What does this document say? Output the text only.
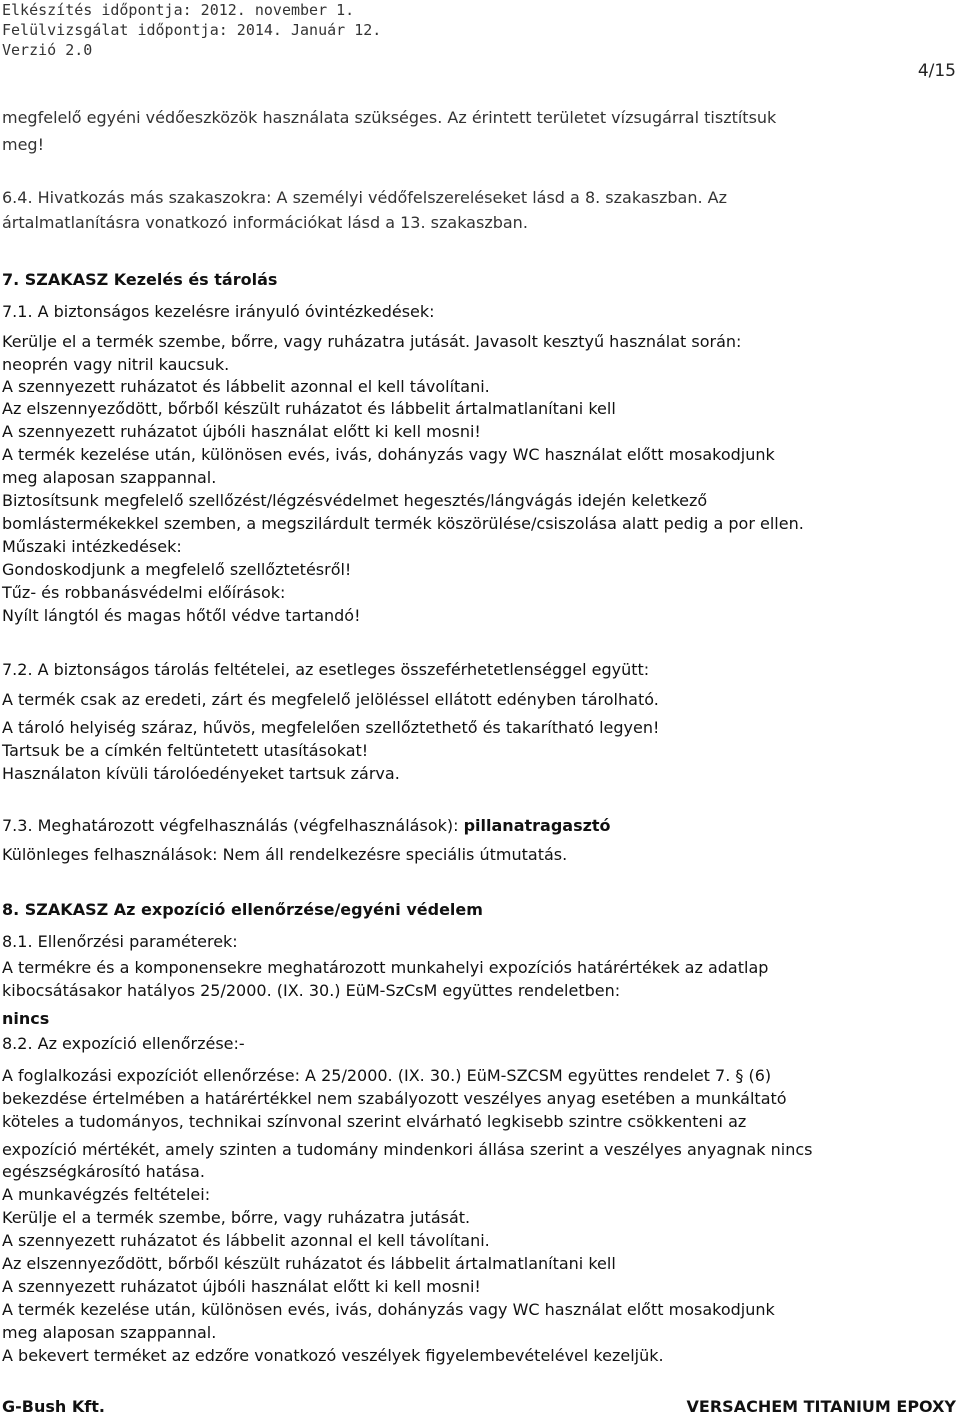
Elkészítés időpontja: 2012. november 1.
Felülvizsgálat időpontja: 2014. Január 12.
Verzió 2.0
4/15
megfelelő egyéni védőeszközök használata szükséges. Az érintett területet vízsugárral tisztítsuk
meg!
6.4. Hivatkozás más szakaszokra: A személyi védőfelszereléseket lásd a 8. szakaszban. Az
ártalmatlanításra vonatkozó információkat lásd a 13. szakaszban.
7. SZAKASZ Kezelés és tárolás
7.1. A biztonságos kezelésre irányuló óvintézkedések:
Kerülje el a termék szembe, bőrre, vagy ruházatra jutását. Javasolt kesztyű használat során:
neoprén vagy nitril kaucsuk.
A szennyezett ruházatot és lábbelit azonnal el kell távolítani.
Az elszennyeződött, bőrből készült ruházatot és lábbelit ártalmatlanítani kell
A szennyezett ruházatot újbóli használat előtt ki kell mosni!
A termék kezelése után, különösen evés, ivás, dohányzás vagy WC használat előtt mosakodjunk
meg alaposan szappannal.
Biztosítsunk megfelelő szellőzést/légzésvédelmet hegesztés/lángvágás idején keletkező
bomlástermékekkel szemben, a megszilárdult termék köszörülése/csiszolása alatt pedig a por ellen.
Műszaki intézkedések:
Gondoskodjunk a megfelelő szellőztetésről!
Tűz- és robbanásvédelmi előírások:
Nyílt lángtól és magas hőtől védve tartandó!
7.2. A biztonságos tárolás feltételei, az esetleges összeférhetetlenséggel együtt:
A termék csak az eredeti, zárt és megfelelő jelöléssel ellátott edényben tárolható.
A tároló helyiség száraz, hűvös, megfelelően szellőztethető és takarítható legyen!
Tartsuk be a címkén feltüntetett utasításokat!
Használaton kívüli tárolóedényeket tartsuk zárva.
7.3. Meghatározott végfelhasználás (végfelhasználások): pillanatragasztó
Különleges felhasználások: Nem áll rendelkezésre speciális útmutatás.
8. SZAKASZ Az expozíció ellenőrzése/egyéni védelem
8.1. Ellenőrzési paraméterek:
A termékre és a komponensekre meghatározott munkahelyi expozíciós határértékek az adatlap
kibocsátásakor hatályos 25/2000. (IX. 30.) EüM-SzCsM együttes rendeletben:
nincs
8.2. Az expozíció ellenőrzése:-
A foglalkozási expozíciót ellenőrzése: A 25/2000. (IX. 30.) EüM-SZCSM együttes rendelet 7. § (6)
bekezdése értelmében a határértékkel nem szabályozott veszélyes anyag esetében a munkáltató
köteles a tudományos, technikai színvonal szerint elvárható legkisebb szintre csökkenteni az
expozíció mértékét, amely szinten a tudomány mindenkori állása szerint a veszélyes anyagnak nincs
egészségkárosító hatása.
A munkavégzés feltételei:
Kerülje el a termék szembe, bőrre, vagy ruházatra jutását.
A szennyezett ruházatot és lábbelit azonnal el kell távolítani.
Az elszennyeződött, bőrből készült ruházatot és lábbelit ártalmatlanítani kell
A szennyezett ruházatot újbóli használat előtt ki kell mosni!
A termék kezelése után, különösen evés, ivás, dohányzás vagy WC használat előtt mosakodjunk
meg alaposan szappannal.
A bekevert terméket az edzőre vonatkozó veszélyek figyelembevételével kezeljük.
G-Bush Kft.	VERSACHEM TITANIUM EPOXY
